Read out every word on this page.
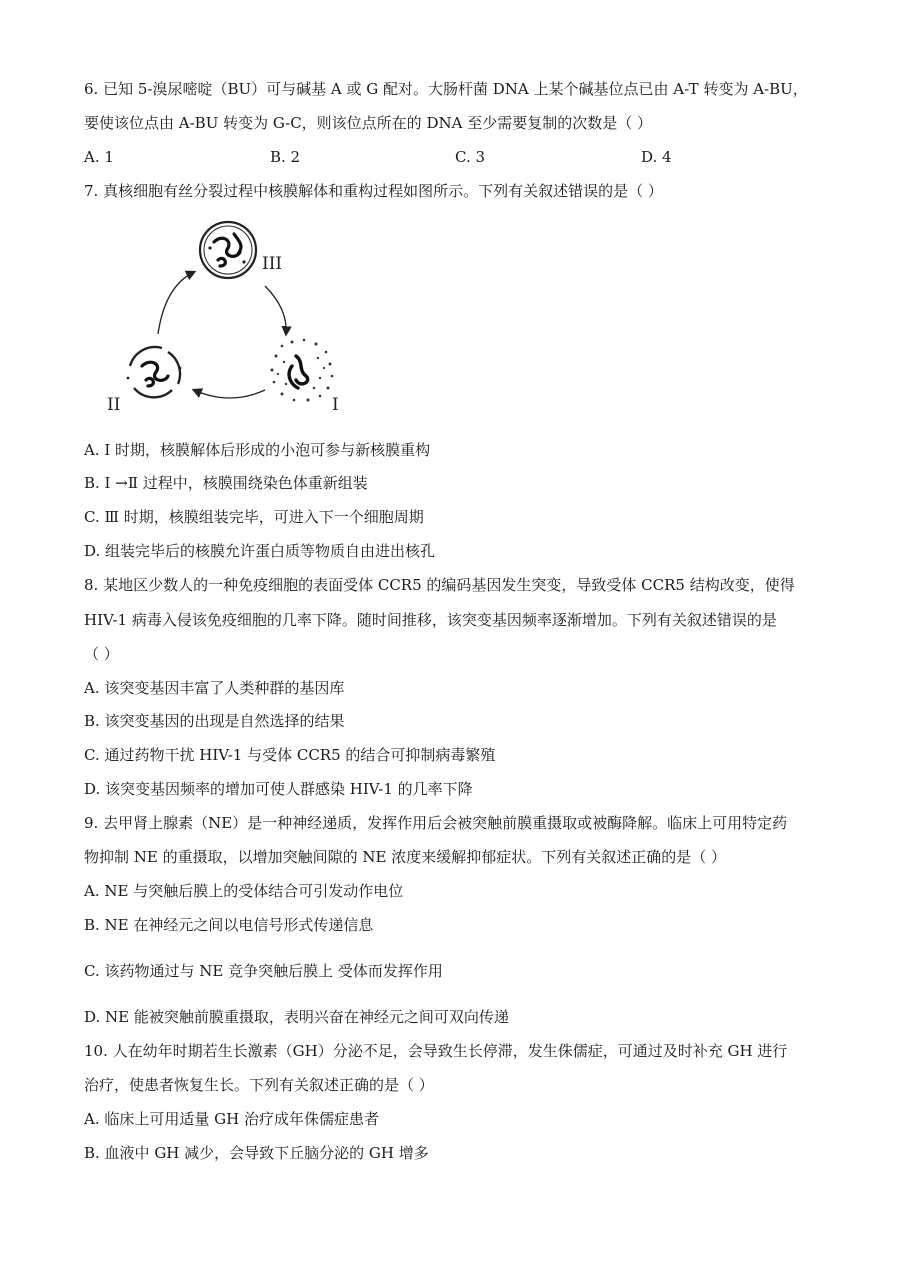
6. 已知 5-溴尿嘧啶（BU）可与碱基 A 或 G 配对。大肠杆菌 DNA 上某个碱基位点已由 A-T 转变为 A-BU，
要使该位点由 A-BU 转变为 G-C，则该位点所在的 DNA 至少需要复制的次数是（ ）
A. 1	B. 2	C. 3	D. 4
7. 真核细胞有丝分裂过程中核膜解体和重构过程如图所示。下列有关叙述错误的是（ ）
III
I
II
A. Ⅰ 时期，核膜解体后形成的小泡可参与新核膜重构
B. Ⅰ →Ⅱ 过程中，核膜围绕染色体重新组装
C. Ⅲ 时期，核膜组装完毕，可进入下一个细胞周期
D. 组装完毕后的核膜允许蛋白质等物质自由进出核孔
8. 某地区少数人的一种免疫细胞的表面受体 CCR5 的编码基因发生突变，导致受体 CCR5 结构改变，使得
HIV-1 病毒入侵该免疫细胞的几率下降。随时间推移，该突变基因频率逐渐增加。下列有关叙述错误的是
（ ）
A. 该突变基因丰富了人类种群的基因库
B. 该突变基因的出现是自然选择的结果
C. 通过药物干扰 HIV-1 与受体 CCR5 的结合可抑制病毒繁殖
D. 该突变基因频率的增加可使人群感染 HIV-1 的几率下降
9. 去甲肾上腺素（NE）是一种神经递质，发挥作用后会被突触前膜重摄取或被酶降解。临床上可用特定药
物抑制 NE 的重摄取，以增加突触间隙的 NE 浓度来缓解抑郁症状。下列有关叙述正确的是（ ）
A. NE 与突触后膜上的受体结合可引发动作电位
B. NE 在神经元之间以电信号形式传递信息
C. 该药物通过与 NE 竞争突触后膜上 受体而发挥作用
D. NE 能被突触前膜重摄取，表明兴奋在神经元之间可双向传递
10. 人在幼年时期若生长激素（GH）分泌不足，会导致生长停滞，发生侏儒症，可通过及时补充 GH 进行
治疗，使患者恢复生长。下列有关叙述正确的是（ ）
A. 临床上可用适量 GH 治疗成年侏儒症患者
B. 血液中 GH 减少，会导致下丘脑分泌的 GH 增多
